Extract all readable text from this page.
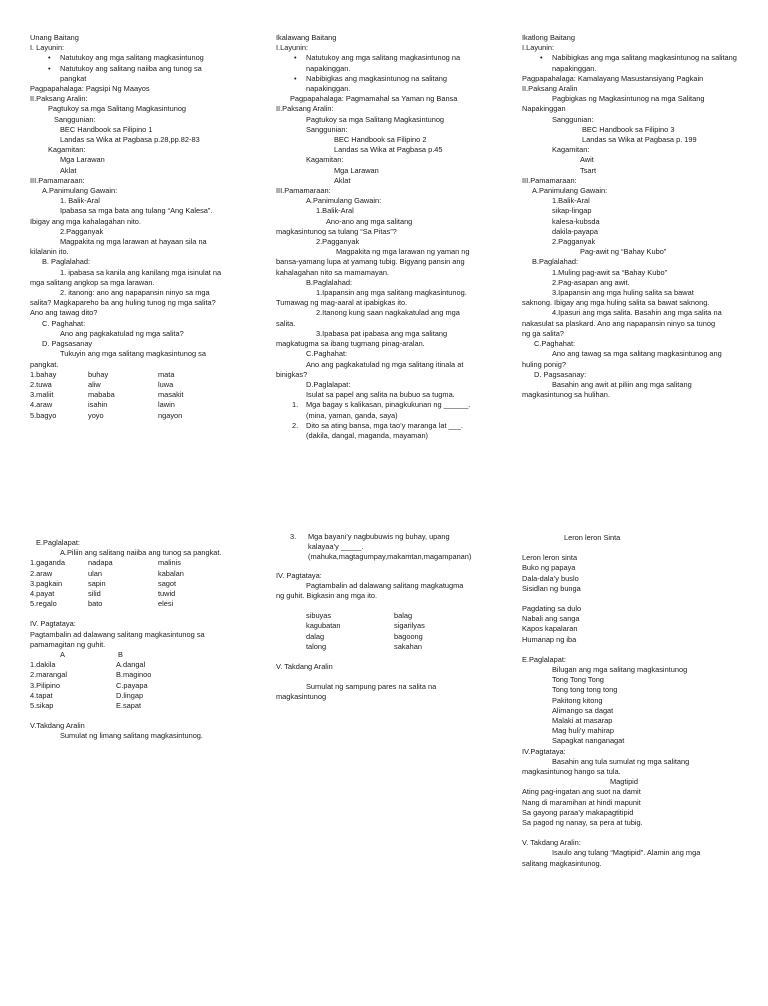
Unang Baitang
I. Layunin:
• Natutukoy ang mga salitang magkasintunog
• Natutukoy ang salitang naiiba ang tunog sa
pangkat
Pagpapahalaga: Pagsipi Ng Maayos
II.Paksang Aralin:
Pagtukoy sa mga Salitang Magkasintunog
Sanggunian:
BEC Handbook sa Filipino 1
Landas sa Wika at Pagbasa p.28,pp.82-83
Kagamitan:
Mga Larawan
Aklat
III.Pamamaraan:
A.Panimulang Gawain:
1. Balik-Aral
Ipabasa sa mga bata ang tulang “Ang Kalesa”.
Ibigay ang mga kahalagahan nito.
2.Pagganyak
Magpakita ng mga larawan at hayaan sila na
kilalanin ito.
B. Paglalahad:
1. ipabasa sa kanila ang kanilang mga isinulat na
mga salitang angkop sa mga larawan.
2. itanong: ano ang napapansin ninyo sa mga
salita? Magkapareho ba ang huling tunog ng mga salita?
Ano ang tawag dito?
C. Paghahat:
Ano ang pagkakatulad ng mga salita?
D. Pagsasanay
Tukuyin ang mga salitang magkasintunog sa
pangkat.
1.bahay	buhay	mata
2.tuwa	aliw	luwa
3.maliit	mababa	masakit
4.araw	isahin	lawin
5.bagyo	yoyo	ngayon
Ikalawang Baitang
I.Layunin:
• Natutukoy ang mga salitang magkasintunog na
napakinggan.
• Nabibigkas ang magkasintunog na salitang
napakinggan.
Pagpapahalaga: Pagmamahal sa Yaman ng Bansa
II.Paksang Aralin:
Pagtukoy sa mga Salitang Magkasintunog
Sanggunian:
BEC Handbook sa Filipino 2
Landas sa Wika at Pagbasa p.45
Kagamitan:
Mga Larawan
Aklat
III.Pamamaraan:
A.Panimulang Gawain:
1.Balik-Aral
Ano-ano ang mga salitang
magkasintunog sa tulang “Sa Pitas”?
2.Pagganyak
Magpakita ng mga larawan ng yaman ng
bansa-yamang lupa at yamang tubig. Bigyang pansin ang
kahalagahan nito sa mamamayan.
B.Paglalahad:
1.Ipapansin ang mga salitang magkasintunog.
Tumawag ng mag-aaral at ipabigkas ito.
2.Itanong kung saan nagkakatulad ang mga
salita.
3.Ipabasa pat ipabasa ang mga salitang
magkatugma sa ibang tugmang pinag-aralan.
C.Paghahat:
Ano ang pagkakatulad ng mga salitang itinala at
binigkas?
D.Paglalapat:
Isulat sa papel ang salita na bubuo sa tugma.
1. Mga bagay s kalikasan, pinagkukunan ng ______.
(mina, yaman, ganda, saya)
2. Dito sa ating bansa, mga tao’y maranga lat ___.
(dakila, dangal, maganda, mayaman)
Ikatlong Baitang
I.Layunin:
• Nabibigkas ang mga salitang magkasintunog na salitang
napakinggan.
Pagpapahalaga: Kamalayang Masustansiyang Pagkain
II.Paksang Aralin
Pagbigkas ng Magkasintunog na mga Salitang
Napakinggan
Sanggunian:
BEC Handbook sa Filipino 3
Landas sa Wika at Pagbasa p. 199
Kagamitan:
Awit
Tsart
III.Pamamaraan:
A.Panimulang Gawain:
1.Balik-Aral
sikap-lingap
kalesa-kubsda
dakila-payapa
2.Pagganyak
Pag-awit ng “Bahay Kubo”
B.Paglalahad:
1.Muling pag-awit sa “Bahay Kubo”
2.Pag-asapan ang awit.
3.Ipapansin ang mga huling salita sa bawat
saknong. Ibigay ang mga huling salita sa bawat saknong.
4.Ipasuri ang mga salita. Basahin ang mga salita na
nakasulat sa plaskard. Ano ang napapansin ninyo sa tunog
ng ga salita?
C.Paghahat:
Ano ang tawag sa mga salitang magkasintunog ang
huling ponig?
D. Pagsasanay:
Basahin ang awit at piliin ang mga salitang
magkasintunog sa hulihan.
E.Paglalapat:
A.Piliin ang salitang naiiba ang tunog sa pangkat.
1.gaganda	nadapa	malinis
2.araw	ulan	kabalan
3.pagkain	sapin	sagot
4.payat	silid	tuwid
5.regalo	bato	elesi
IV. Pagtataya:
Pagtambalin ad dalawang salitang magkasintunog sa
pamamagitan ng guhit.
A	B
1.dakila	A.dangal
2.marangal	B.maginoo
3.Pilipino	C.payapa
4.tapat	D.lingap
5.sikap	E.sapat
V.Takdang Aralin
Sumulat ng limang salitang magkasintunog.
3. Mga bayani’y nagbubuwis ng buhay, upang
kalayaa’y _____.
(mahuka,magtagumpay,makamtan,magampanan)
IV. Pagtataya:
Pagtambalin ad dalawang salitang magkatugma
ng guhit. Bigkasin ang mga ito.
sibuyas	balag
kagubatan	sigarilyas
dalag	bagoong
talong	sakahan
V. Takdang Aralin
Sumulat ng sampung pares na salita na
magkasintunog
Leron leron Sinta
Leron leron sinta
Buko ng papaya
Dala-dala’y buslo
Sisidlan ng bunga
Pagdating sa dulo
Nabali ang sanga
Kapos kapalaran
Humanap ng iba
E.Paglalapat:
Bilugan ang mga salitang magkasintunog
Tong Tong Tong
Tong tong tong tong
Pakitong kitong
Alimango sa dagat
Malaki at masarap
Mag huli’y mahirap
Sapagkat nanganagat
IV.Pagtataya:
Basahin ang tula sumulat ng mga salitang
magkasintunog hango sa tula.
Magtipid
Ating pag-ingatan ang suot na damit
Nang di maramihan at hindi mapunit
Sa gayong paraa’y makapagtitipid
Sa pagod ng nanay, sa pera at tubig.
V. Takdang Aralin:
Isaulo ang tulang “Magtipid”. Alamin ang mga
salitang magkasintunog.
